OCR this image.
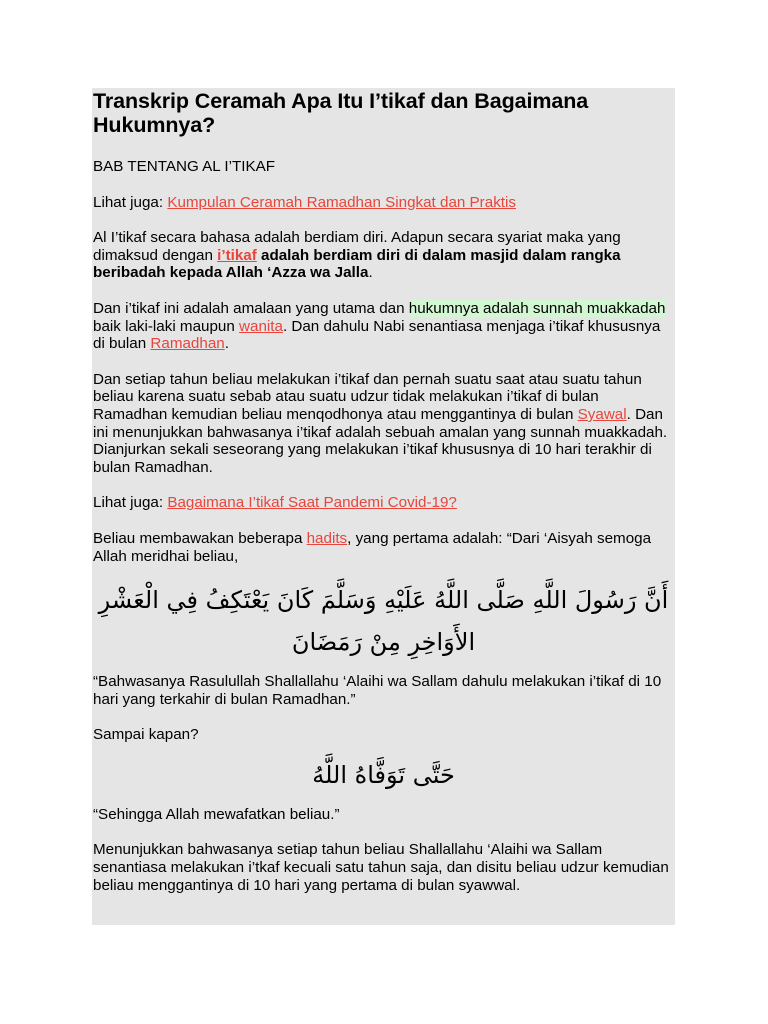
Transkrip Ceramah Apa Itu I’tikaf dan Bagaimana Hukumnya?

BAB TENTANG AL I’TIKAF

Lihat juga: Kumpulan Ceramah Ramadhan Singkat dan Praktis

Al I’tikaf secara bahasa adalah berdiam diri. Adapun secara syariat maka yang dimaksud dengan i’tikaf adalah berdiam diri di dalam masjid dalam rangka beribadah kepada Allah ‘Azza wa Jalla.

Dan i’tikaf ini adalah amalaan yang utama dan hukumnya adalah sunnah muakkadah baik laki-laki maupun wanita. Dan dahulu Nabi senantiasa menjaga i’tikaf khususnya di bulan Ramadhan.

Dan setiap tahun beliau melakukan i’tikaf dan pernah suatu saat atau suatu tahun beliau karena suatu sebab atau suatu udzur tidak melakukan i’tikaf di bulan Ramadhan kemudian beliau menqodhonya atau menggantinya di bulan Syawal. Dan ini menunjukkan bahwasanya i’tikaf adalah sebuah amalan yang sunnah muakkadah. Dianjurkan sekali seseorang yang melakukan i’tikaf khususnya di 10 hari terakhir di bulan Ramadhan.

Lihat juga: Bagaimana I’tikaf Saat Pandemi Covid-19?

Beliau membawakan beberapa hadits, yang pertama adalah: “Dari ‘Aisyah semoga Allah meridhai beliau,

أَنَّ رَسُولَ اللَّهِ صَلَّى اللَّهُ عَلَيْهِ وَسَلَّمَ كَانَ يَعْتَكِفُ فِي الْعَشْرِ الأَوَاخِرِ مِنْ رَمَضَانَ

“Bahwasanya Rasulullah Shallallahu ‘Alaihi wa Sallam dahulu melakukan i’tikaf di 10 hari yang terkahir di bulan Ramadhan.”

Sampai kapan?

حَتَّى تَوَفَّاهُ اللَّهُ

“Sehingga Allah mewafatkan beliau.”

Menunjukkan bahwasanya setiap tahun beliau Shallallahu ‘Alaihi wa Sallam senantiasa melakukan i’tkaf kecuali satu tahun saja, dan disitu beliau udzur kemudian beliau menggantinya di 10 hari yang pertama di bulan syawwal.
